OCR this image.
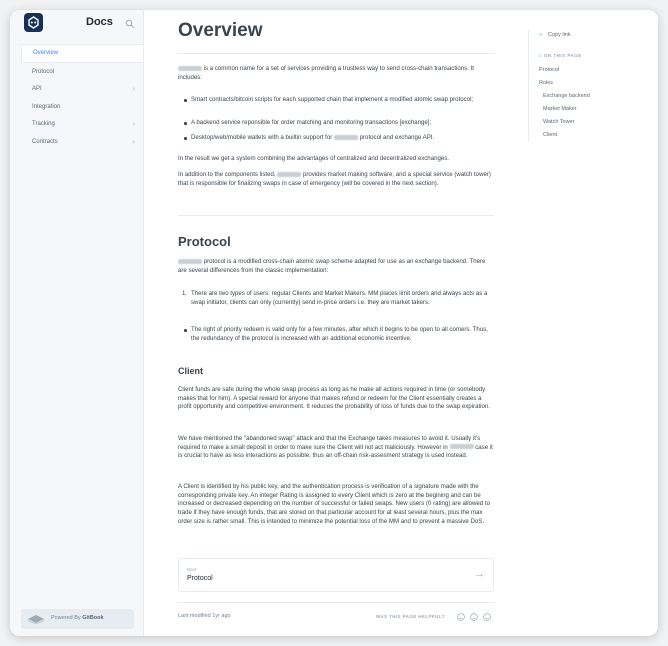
Docs
Overview
Protocol
API	›
Integration
Tracking	›
Contracts	›
Powered By GitBook
Overview

is a common name for a set of services providing a trustless way to send cross-chain transactions. It includes:

Smart contracts/bitcoin scripts for each supported chain that implement a modified atomic swap protocol;
A backend service reponsible for order matching and monitoring transactions [exchange];
Desktop/web/mobile wallets with a builtin support for	protocol and exchange API.

In the result we get a system combining the advantages of centralized and decentralized exchanges.

In addition to the components listed,	provides market making software, and a special service (watch tower) that is responsible for finalizing swaps in case of emergency (will be covered in the next section).

Protocol

protocol is a modified cross-chain atomic swap scheme adapted for use as an exchange backend. There are several differences from the classic implementation:

1. There are two types of users: regular Clients and Market Makers. MM places limit orders and always acts as a swap initiator, clients can only (currently) send in-price orders i.e. they are market takers.
The right of priority redeem is valid only for a few minutes, after which it begins to be open to all comers. Thus, the redundancy of the protocol is increased with an additional economic incentive.
Client

Client funds are safe during the whole swap process as long as he make all actions required in time (or somebody makes that for him). A special reward for anyone that makes refund or redeem for the Client essentially creates a profit opportunity and competitive environment. It reduces the probability of loss of funds due to the swap expiration.

We have mentioned the "abandoned swap" attack and that the Exchange takes measures to avoid it. Usually it's required to make a small deposit in order to make sure the Client will not act maliciously. However in	case it is crucial to have as less interactions as possible, thus an off-chain risk-assesment strategy is used instead.

A Client is identified by his public key, and the authentication process is verification of a signature made with the corresponding private key. An integer Rating is assigned to every Client which is zero at the begining and can be increased or decreased depending on the number of successful or failed swaps. New users (0 rating) are allowed to trade if they have enough funds, that are stored on that particular account for at least several hours, plus the max order size is rather small. This is intended to minimize the potential loss of the MM and to prevent a massive DoS.

Next
Protocol	→
Last modified 1yr ago	WAS THIS PAGE HELPFUL?
∞ Copy link
≡ ON THIS PAGE
Protocol
Roles
Exchange backend
Market Maker
Watch Tower
Client
